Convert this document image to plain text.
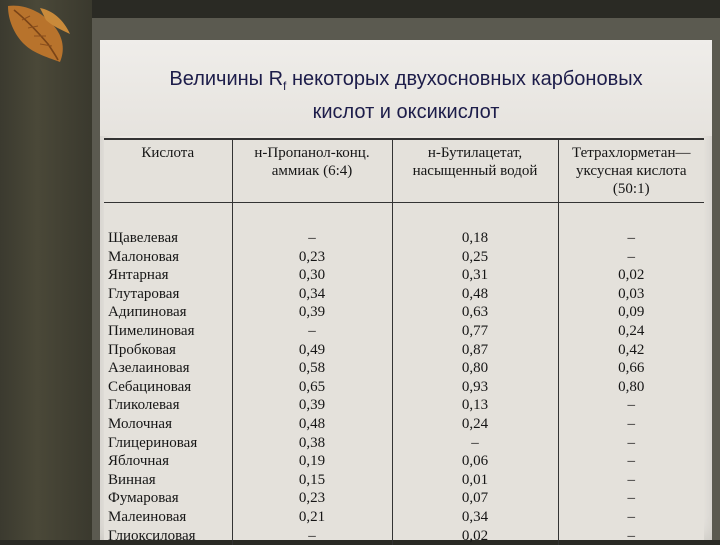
Величины $R_f$ некоторых двухосновных карбоновых
кислот и оксикислот
Кислота	н-Пропанол-конц. аммиак (6:4)	н-Бутилацетат, насыщенный водой	Тетрахлорметан—уксусная кислота (50:1)
Щавелевая	–	0,18	–
Малоновая	0,23	0,25	–
Янтарная	0,30	0,31	0,02
Глутаровая	0,34	0,48	0,03
Адипиновая	0,39	0,63	0,09
Пимелиновая	–	0,77	0,24
Пробковая	0,49	0,87	0,42
Азелаиновая	0,58	0,80	0,66
Себациновая	0,65	0,93	0,80
Гликолевая	0,39	0,13	–
Молочная	0,48	0,24	–
Глицериновая	0,38	–	–
Яблочная	0,19	0,06	–
Винная	0,15	0,01	–
Фумаровая	0,23	0,07	–
Малеиновая	0,21	0,34	–
Глиоксиловая	–	0,02	–
